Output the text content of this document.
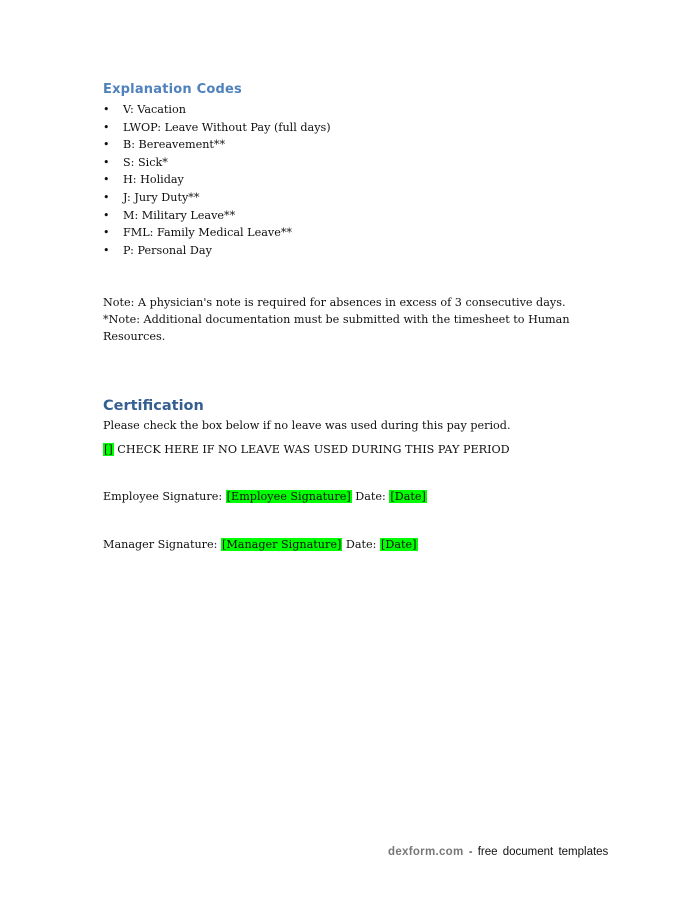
Explanation Codes
• V: Vacation
• LWOP: Leave Without Pay (full days)
• B: Bereavement**
• S: Sick*
• H: Holiday
• J: Jury Duty**
• M: Military Leave**
• FML: Family Medical Leave**
• P: Personal Day
Note: A physician's note is required for absences in excess of 3 consecutive days.
*Note: Additional documentation must be submitted with the timesheet to Human
Resources.
Certification
Please check the box below if no leave was used during this pay period.
[] CHECK HERE IF NO LEAVE WAS USED DURING THIS PAY PERIOD
Employee Signature: [Employee Signature] Date: [Date]
Manager Signature: [Manager Signature] Date: [Date]
dexform.com - free document templates
